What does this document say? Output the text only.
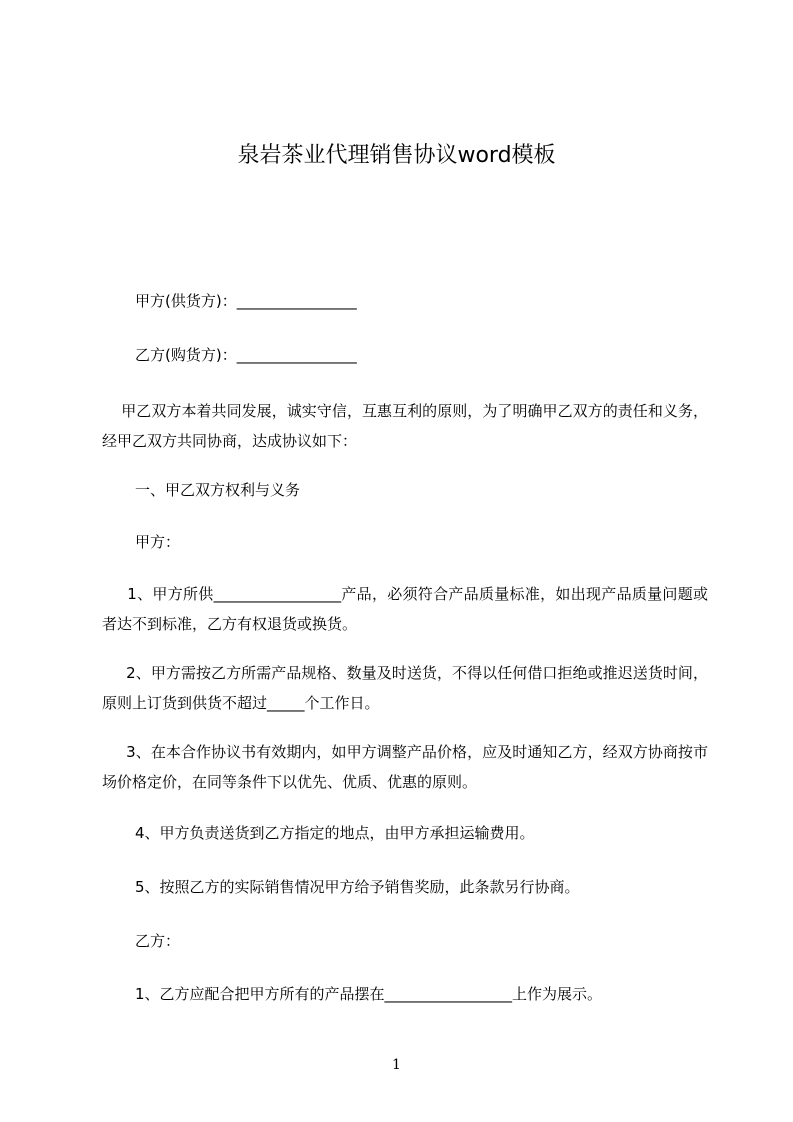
泉岩茶业代理销售协议word模板
甲方(供货方)：________________
乙方(购货方)：________________
甲乙双方本着共同发展，诚实守信，互惠互利的原则，为了明确甲乙双方的责任和义务，经甲乙双方共同协商，达成协议如下：
一、甲乙双方权利与义务
甲方：
1、甲方所供_________________产品，必须符合产品质量标准，如出现产品质量问题或者达不到标准，乙方有权退货或换货。
2、甲方需按乙方所需产品规格、数量及时送货，不得以任何借口拒绝或推迟送货时间，原则上订货到供货不超过_____个工作日。
3、在本合作协议书有效期内，如甲方调整产品价格，应及时通知乙方，经双方协商按市场价格定价，在同等条件下以优先、优质、优惠的原则。
4、甲方负责送货到乙方指定的地点，由甲方承担运输费用。
5、按照乙方的实际销售情况甲方给予销售奖励，此条款另行协商。
乙方：
1、乙方应配合把甲方所有的产品摆在_________________上作为展示。
1
